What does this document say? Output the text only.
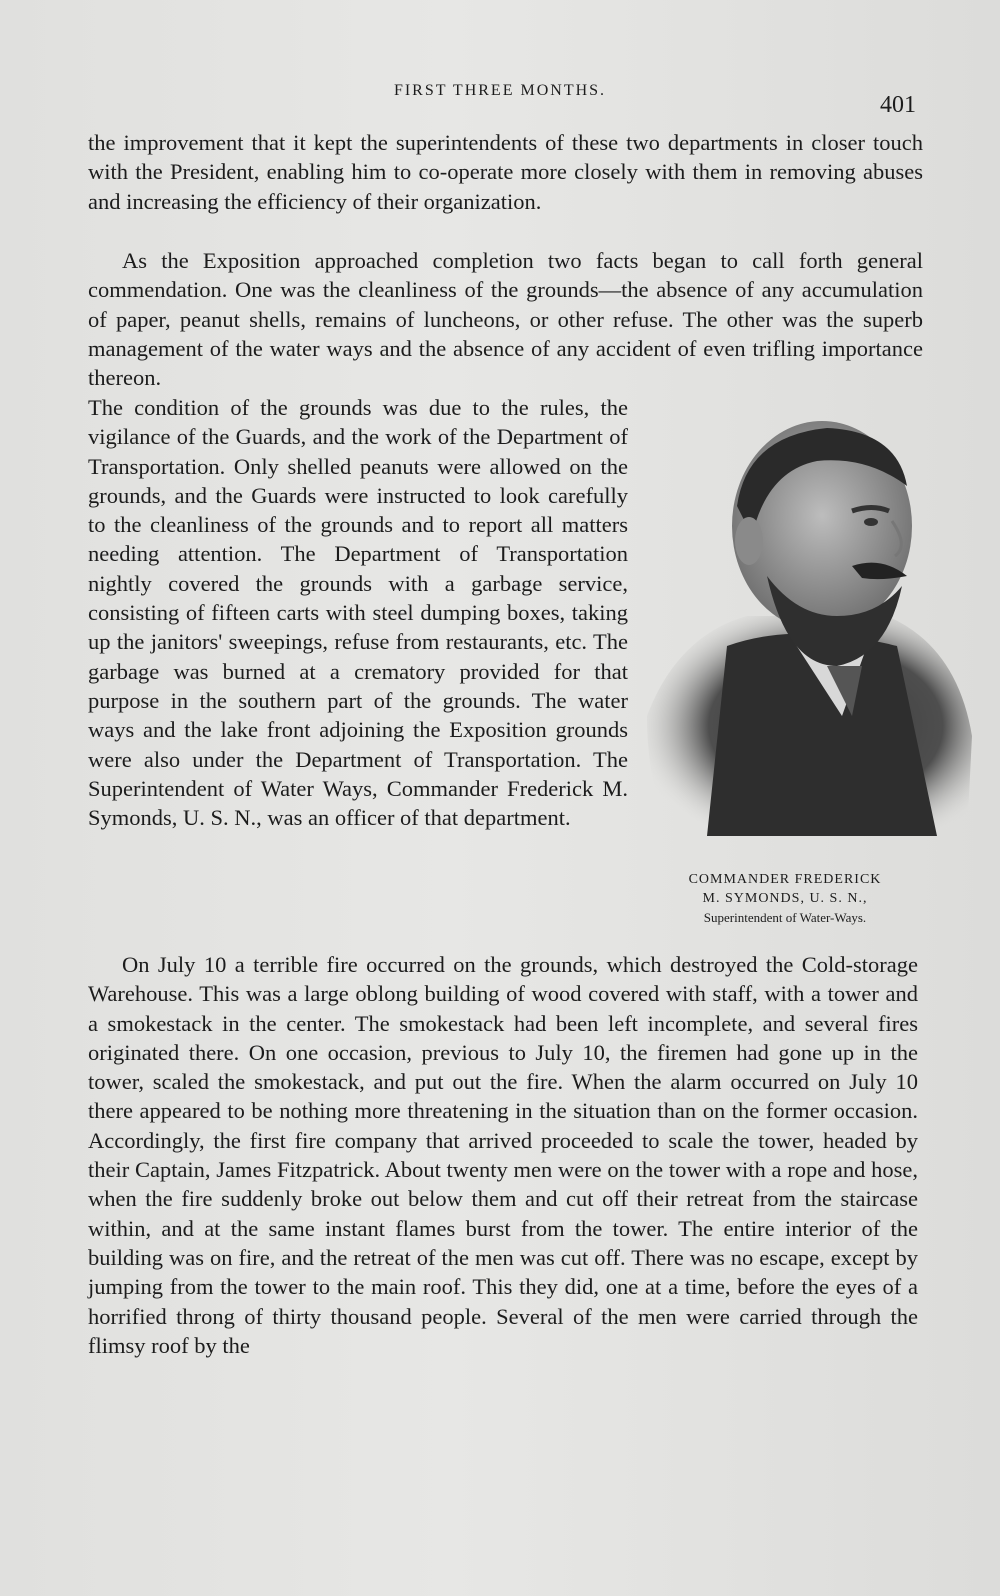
FIRST THREE MONTHS.
401

the improvement that it kept the superintendents of these two departments in closer touch with the President, enabling him to co-operate more closely with them in removing abuses and increasing the efficiency of their organization.

As the Exposition approached completion two facts began to call forth general commendation. One was the cleanliness of the grounds—the absence of any accumulation of paper, peanut shells, remains of luncheons, or other refuse. The other was the superb management of the water ways and the absence of any accident of even trifling importance thereon.

The condition of the grounds was due to the rules, the vigilance of the Guards, and the work of the Department of Transportation. Only shelled peanuts were allowed on the grounds, and the Guards were instructed to look carefully to the cleanliness of the grounds and to report all matters needing attention. The Department of Transportation nightly covered the grounds with a garbage service, consisting of fifteen carts with steel dumping boxes, taking up the janitors' sweepings, refuse from restaurants, etc. The garbage was burned at a crematory provided for that purpose in the southern part of the grounds. The water ways and the lake front adjoining the Exposition grounds were also under the Department of Transportation. The Superintendent of Water Ways, Commander Frederick M. Symonds, U. S. N., was an officer of that department.

COMMANDER FREDERICK
M. SYMONDS, U. S. N.,
Superintendent of Water-Ways.

On July 10 a terrible fire occurred on the grounds, which destroyed the Cold-storage Warehouse. This was a large oblong building of wood covered with staff, with a tower and a smokestack in the center. The smokestack had been left incomplete, and several fires originated there. On one occasion, previous to July 10, the firemen had gone up in the tower, scaled the smokestack, and put out the fire. When the alarm occurred on July 10 there appeared to be nothing more threatening in the situation than on the former occasion. Accordingly, the first fire company that arrived proceeded to scale the tower, headed by their Captain, James Fitzpatrick. About twenty men were on the tower with a rope and hose, when the fire suddenly broke out below them and cut off their retreat from the staircase within, and at the same instant flames burst from the tower. The entire interior of the building was on fire, and the retreat of the men was cut off. There was no escape, except by jumping from the tower to the main roof. This they did, one at a time, before the eyes of a horrified throng of thirty thousand people. Several of the men were carried through the flimsy roof by the
